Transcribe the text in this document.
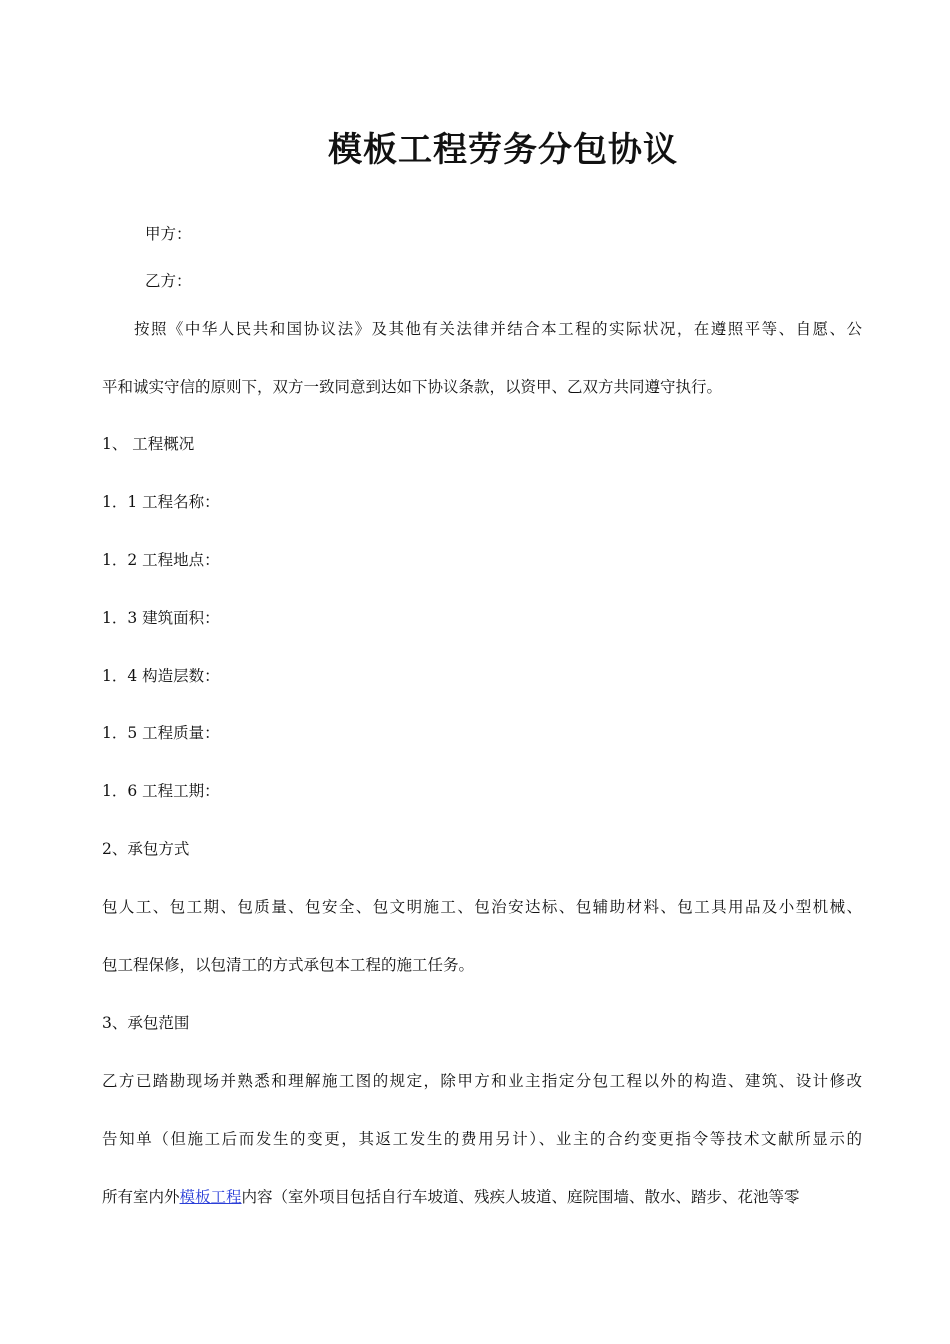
模板工程劳务分包协议

甲方：

乙方：

按照《中华人民共和国协议法》及其他有关法律并结合本工程的实际状况，在遵照平等、自愿、公

平和诚实守信的原则下，双方一致同意到达如下协议条款，以资甲、乙双方共同遵守执行。

1、 工程概况

1．1 工程名称：

1．2 工程地点：

1．3 建筑面积：

1．4 构造层数：

1．5 工程质量：

1．6 工程工期：

2、承包方式

包人工、包工期、包质量、包安全、包文明施工、包治安达标、包辅助材料、包工具用品及小型机械、

包工程保修，以包清工的方式承包本工程的施工任务。

3、承包范围

乙方已踏勘现场并熟悉和理解施工图的规定，除甲方和业主指定分包工程以外的构造、建筑、设计修改

告知单（但施工后而发生的变更，其返工发生的费用另计）、业主的合约变更指令等技术文献所显示的

所有室内外模板工程内容（室外项目包括自行车坡道、残疾人坡道、庭院围墙、散水、踏步、花池等零
